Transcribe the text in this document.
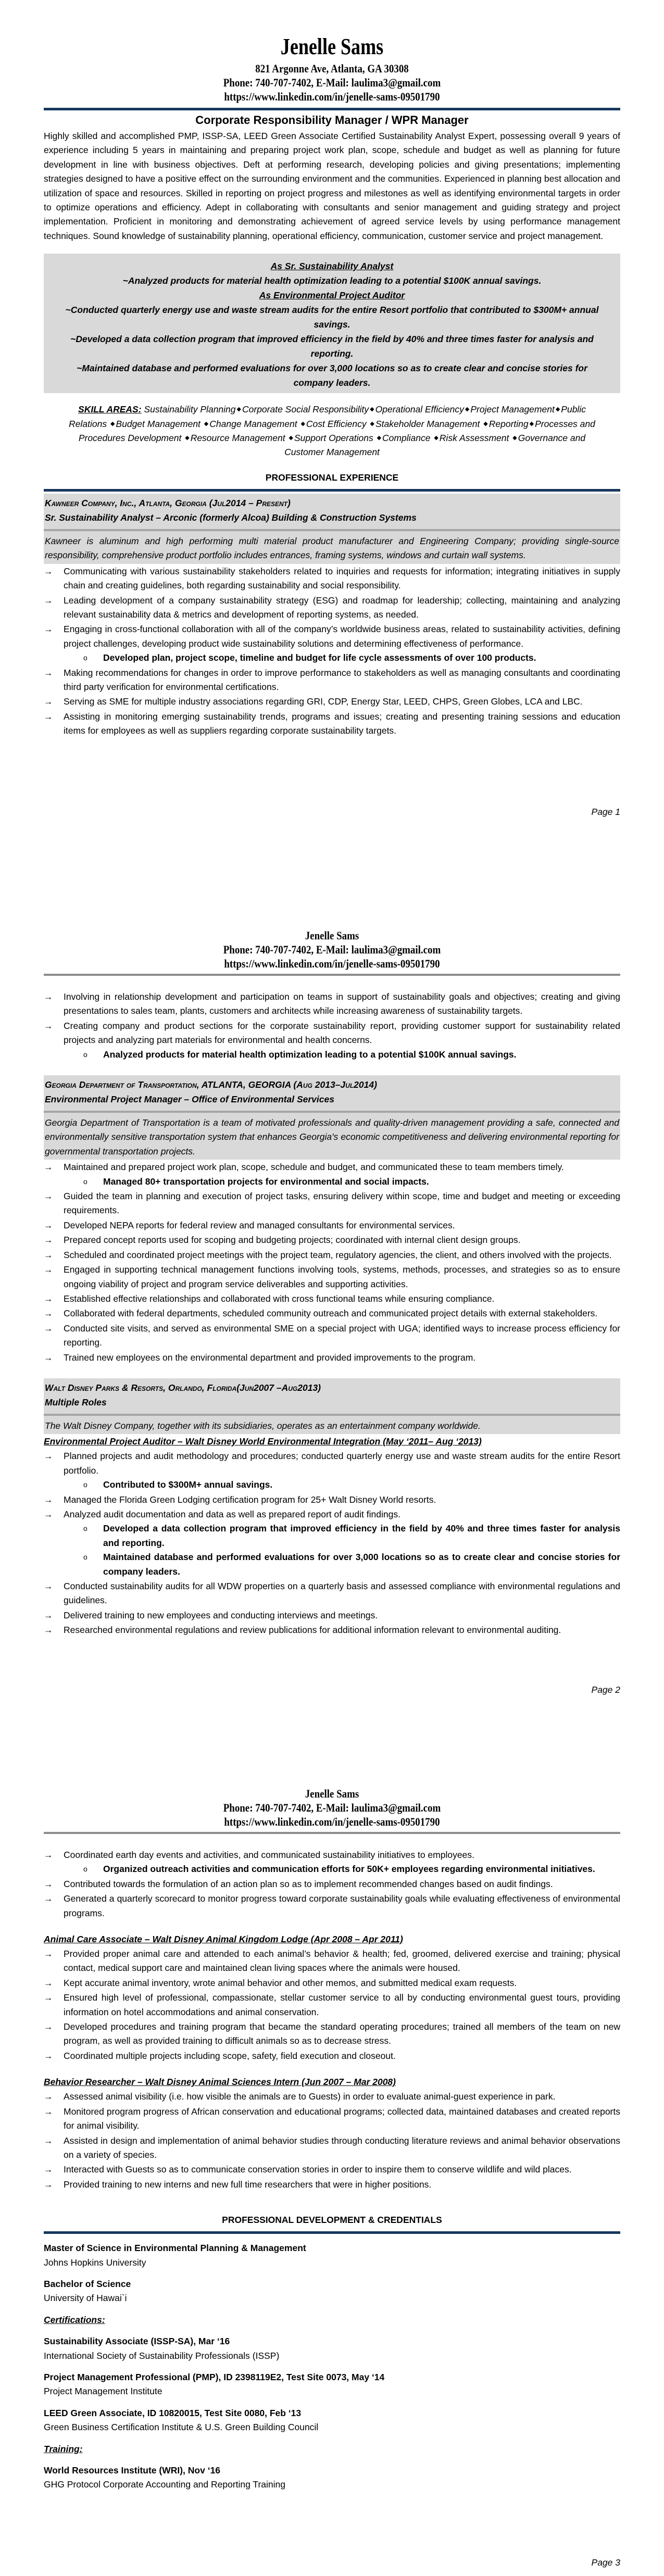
Jenelle Sams
821 Argonne Ave, Atlanta, GA 30308
Phone: 740-707-7402, E-Mail: laulima3@gmail.com
https://www.linkedin.com/in/jenelle-sams-09501790
Corporate Responsibility Manager / WPR Manager

Highly skilled and accomplished PMP, ISSP-SA, LEED Green Associate Certified Sustainability Analyst Expert, possessing overall 9 years of experience including 5 years in maintaining and preparing project work plan, scope, schedule and budget as well as planning for future development in line with business objectives. Deft at performing research, developing policies and giving presentations; implementing strategies designed to have a positive effect on the surrounding environment and the communities. Experienced in planning best allocation and utilization of space and resources. Skilled in reporting on project progress and milestones as well as identifying environmental targets in order to optimize operations and efficiency. Adept in collaborating with consultants and senior management and guiding strategy and project implementation. Proficient in monitoring and demonstrating achievement of agreed service levels by using performance management techniques. Sound knowledge of sustainability planning, operational efficiency, communication, customer service and project management.

As Sr. Sustainability Analyst
~Analyzed products for material health optimization leading to a potential $100K annual savings.
As Environmental Project Auditor
~Conducted quarterly energy use and waste stream audits for the entire Resort portfolio that contributed to $300M+ annual savings.
~Developed a data collection program that improved efficiency in the field by 40% and three times faster for analysis and reporting.
~Maintained database and performed evaluations for over 3,000 locations so as to create clear and concise stories for company leaders.
SKILL AREAS: Sustainability Planning ◆ Corporate Social Responsibility ◆ Operational Efficiency ◆ Project Management ◆ Public Relations ◆ Budget Management ◆ Change Management ◆ Cost Efficiency ◆ Stakeholder Management ◆ Reporting ◆ Processes and Procedures Development ◆ Resource Management ◆ Support Operations ◆ Compliance ◆ Risk Assessment ◆ Governance and Customer Management
PROFESSIONAL EXPERIENCE
Kawneer Company, Inc., Atlanta, Georgia (Jul2014 – Present)
Sr. Sustainability Analyst – Arconic (formerly Alcoa) Building & Construction Systems
Kawneer is aluminum and high performing multi material product manufacturer and Engineering Company; providing single-source responsibility, comprehensive product portfolio includes entrances, framing systems, windows and curtain wall systems.
→ Communicating with various sustainability stakeholders related to inquiries and requests for information; integrating initiatives in supply chain and creating guidelines, both regarding sustainability and social responsibility.
→ Leading development of a company sustainability strategy (ESG) and roadmap for leadership; collecting, maintaining and analyzing relevant sustainability data & metrics and development of reporting systems, as needed.
→ Engaging in cross-functional collaboration with all of the company’s worldwide business areas, related to sustainability activities, defining project challenges, developing product wide sustainability solutions and determining effectiveness of performance.
o Developed plan, project scope, timeline and budget for life cycle assessments of over 100 products.
→ Making recommendations for changes in order to improve performance to stakeholders as well as managing consultants and coordinating third party verification for environmental certifications.
→ Serving as SME for multiple industry associations regarding GRI, CDP, Energy Star, LEED, CHPS, Green Globes, LCA and LBC.
→ Assisting in monitoring emerging sustainability trends, programs and issues; creating and presenting training sessions and education items for employees as well as suppliers regarding corporate sustainability targets.
Page 1
Jenelle Sams
Phone: 740-707-7402, E-Mail: laulima3@gmail.com
https://www.linkedin.com/in/jenelle-sams-09501790
→ Involving in relationship development and participation on teams in support of sustainability goals and objectives; creating and giving presentations to sales team, plants, customers and architects while increasing awareness of sustainability targets.
→ Creating company and product sections for the corporate sustainability report, providing customer support for sustainability related projects and analyzing part materials for environmental and health concerns.
o Analyzed products for material health optimization leading to a potential $100K annual savings.
Georgia Department of Transportation, ATLANTA, GEORGIA (Aug 2013–Jul2014)
Environmental Project Manager – Office of Environmental Services
Georgia Department of Transportation is a team of motivated professionals and quality-driven management providing a safe, connected and environmentally sensitive transportation system that enhances Georgia's economic competitiveness and delivering environmental reporting for governmental transportation projects.
→ Maintained and prepared project work plan, scope, schedule and budget, and communicated these to team members timely.
o Managed 80+ transportation projects for environmental and social impacts.
→ Guided the team in planning and execution of project tasks, ensuring delivery within scope, time and budget and meeting or exceeding requirements.
→ Developed NEPA reports for federal review and managed consultants for environmental services.
→ Prepared concept reports used for scoping and budgeting projects; coordinated with internal client design groups.
→ Scheduled and coordinated project meetings with the project team, regulatory agencies, the client, and others involved with the projects.
→ Engaged in supporting technical management functions involving tools, systems, methods, processes, and strategies so as to ensure ongoing viability of project and program service deliverables and supporting activities.
→ Established effective relationships and collaborated with cross functional teams while ensuring compliance.
→ Collaborated with federal departments, scheduled community outreach and communicated project details with external stakeholders.
→ Conducted site visits, and served as environmental SME on a special project with UGA; identified ways to increase process efficiency for reporting.
→ Trained new employees on the environmental department and provided improvements to the program.
Walt Disney Parks & Resorts, Orlando, Florida(Jun2007 –Aug2013)
Multiple Roles
The Walt Disney Company, together with its subsidiaries, operates as an entertainment company worldwide.
Environmental Project Auditor – Walt Disney World Environmental Integration (May ‘2011– Aug ‘2013)
→ Planned projects and audit methodology and procedures; conducted quarterly energy use and waste stream audits for the entire Resort portfolio.
o Contributed to $300M+ annual savings.
→ Managed the Florida Green Lodging certification program for 25+ Walt Disney World resorts.
→ Analyzed audit documentation and data as well as prepared report of audit findings.
o Developed a data collection program that improved efficiency in the field by 40% and three times faster for analysis and reporting.
o Maintained database and performed evaluations for over 3,000 locations so as to create clear and concise stories for company leaders.
→ Conducted sustainability audits for all WDW properties on a quarterly basis and assessed compliance with environmental regulations and guidelines.
→ Delivered training to new employees and conducting interviews and meetings.
→ Researched environmental regulations and review publications for additional information relevant to environmental auditing.
Page 2
Jenelle Sams
Phone: 740-707-7402, E-Mail: laulima3@gmail.com
https://www.linkedin.com/in/jenelle-sams-09501790
→ Coordinated earth day events and activities, and communicated sustainability initiatives to employees.
o Organized outreach activities and communication efforts for 50K+ employees regarding environmental initiatives.
→ Contributed towards the formulation of an action plan so as to implement recommended changes based on audit findings.
→ Generated a quarterly scorecard to monitor progress toward corporate sustainability goals while evaluating effectiveness of environmental programs.
Animal Care Associate – Walt Disney Animal Kingdom Lodge (Apr 2008 – Apr 2011)
→ Provided proper animal care and attended to each animal’s behavior & health; fed, groomed, delivered exercise and training; physical contact, medical support care and maintained clean living spaces where the animals were housed.
→ Kept accurate animal inventory, wrote animal behavior and other memos, and submitted medical exam requests.
→ Ensured high level of professional, compassionate, stellar customer service to all by conducting environmental guest tours, providing information on hotel accommodations and animal conservation.
→ Developed procedures and training program that became the standard operating procedures; trained all members of the team on new program, as well as provided training to difficult animals so as to decrease stress.
→ Coordinated multiple projects including scope, safety, field execution and closeout.
Behavior Researcher – Walt Disney Animal Sciences Intern (Jun 2007 – Mar 2008)
→ Assessed animal visibility (i.e. how visible the animals are to Guests) in order to evaluate animal-guest experience in park.
→ Monitored program progress of African conservation and educational programs; collected data, maintained databases and created reports for animal visibility.
→ Assisted in design and implementation of animal behavior studies through conducting literature reviews and animal behavior observations on a variety of species.
→ Interacted with Guests so as to communicate conservation stories in order to inspire them to conserve wildlife and wild places.
→ Provided training to new interns and new full time researchers that were in higher positions.
PROFESSIONAL DEVELOPMENT & CREDENTIALS
Master of Science in Environmental Planning & Management
Johns Hopkins University
Bachelor of Science
University of Hawai`i
Certifications:
Sustainability Associate (ISSP-SA), Mar ‘16
International Society of Sustainability Professionals (ISSP)
Project Management Professional (PMP), ID 2398119E2, Test Site 0073, May ‘14
Project Management Institute
LEED Green Associate, ID 10820015, Test Site 0080, Feb ‘13
Green Business Certification Institute & U.S. Green Building Council
Training:
World Resources Institute (WRI), Nov ‘16
GHG Protocol Corporate Accounting and Reporting Training
Page 3
